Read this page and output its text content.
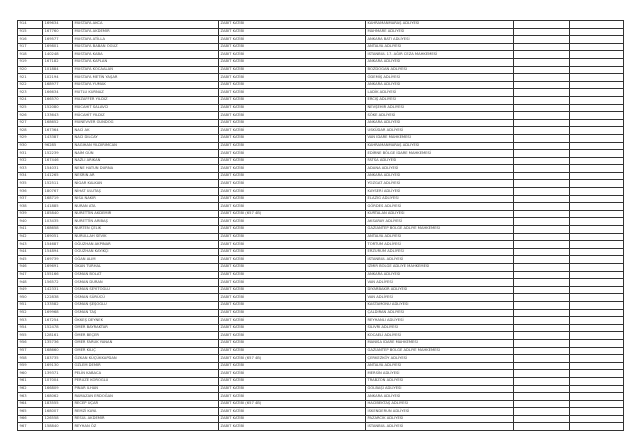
914	169634	MUSTAFA AKCA	ZABIT KATİBİ	KAHRAMANMARAŞ ADLİYESİ		
915	167760	MUSTAFA AKDEMİR	ZABIT KATİBİ	MAHMARE ADLİYESİ		
916	169577	MUSTAFA ATİLLA	ZABIT KATİBİ	ANKARA BATI ADLİYESİ		
917	169801	MUSTAFA BABAN OĞUZ	ZABIT KATİBİ	ANTALYA ADLİYESİ		
918	140248	MUSTAFA KABA	ZABIT KATİBİ	İSTANBUL 17. AĞIR CEZA MAHKEMESİ		
919	167182	MUSTAFA KAPLAN	ZABIT KATİBİ	ANKARA ADLİYESİ		
920	101884	MUSTAFA KOCAALAN	ZABIT KATİBİ	BOZDOĞAN ADLİYESİ		
921	102194	MUSTAFA METİN YAŞAR	ZABIT KATİBİ	ÖDEMİŞ ADLİYESİ		
922	168977	MUSTAFA YUMAK	ZABIT KATİBİ	ANKARA ADLİYESİ		
923	166634	MUTLU KURNAZ	ZABIT KATİBİ	LADİK ADLİYESİ		
924	166570	MUZAFFER YILDIZ	ZABIT KATİBİ	ERCİŞ ADLİYESİ		
925	152080	MÜCAHİT SALAVCI	ZABIT KATİBİ	NEVŞEHİR ADLİYESİ		
926	133643	MÜCAHİT YILDIZ	ZABIT KATİBİ	SÖKE ADLİYESİ		
927	168652	MÜNEVVER GÜNDOĞ	ZABIT KATİBİ	ANKARA ADLİYESİ		
928	167364	NACİ AK	ZABIT KATİBİ	USKÜDAR ADLİYESİ		
929	143387	NACİ DİLCAY	ZABIT KATİBİ	VAN İDARE MAHKEMESİ		
930	96285	NAGİHAN YILDIRIMCAN	ZABIT KATİBİ	KAHRAMANMARAŞ ADLİYESİ		
931	152239	NAİM GÜN	ZABIT KATİBİ	EDİRNE BÖLGE İDARE MAHKEMESİ		
932	167446	NAZLI ARIKAN	ZABIT KATİBİ	FATSA ADLİYESİ		
933	154031	NENE HATUN DURNA	ZABIT KATİBİ	ADANA ADLİYESİ		
934	141265	NESRİN AR	ZABIT KATİBİ	ANKARA ADLİYESİ		
935	152511	NİGAR KALKAN	ZABIT KATİBİ	YOZGAT ADLİYESİ		
936	180767	NİHAT ULUTAŞ	ZABIT KATİBİ	KAYSERİ ADLİYESİ		
937	168719	NİSA NAKİR	ZABIT KATİBİ	ELAZIĞ ADLİYESİ		
938	141885	NURAN ATA	ZABIT KATİBİ	GÖRDES ADLİYESİ		
939	185840	NURETTİN AKDEMİR	ZABIT KATİBİ (657 4B)	KURTALAN ADLİYESİ		
940	103435	NURETTİN ARIBAŞ	ZABIT KATİBİ	AKSARAY ADLİYESİ		
941	168658	NURTEN ÇELİK	ZABIT KATİBİ	GAZİANTEP BÖLGE ADLİYE MAHKEMESİ		
942	169051	NURULLAH SEVİK	ZABIT KATİBİ	ANTALYA ADLİYESİ		
943	154687	OĞUZHAN AKPINAR	ZABIT KATİBİ	TORTUM ADLİYESİ		
944	154894	OĞUZHAN KAYIKÇI	ZABIT KATİBİ	ERZURUM ADLİYESİ		
945	169739	OĞAN ALIM	ZABIT KATİBİ	İSTANBUL ADLİYESİ		
946	169691	OKAN TURHAL	ZABIT KATİBİ	İZMİR BÖLGE ADLİYE MAHKEMESİ		
947	155166	OSMAN BOLAT	ZABIT KATİBİ	ANKARA ADLİYESİ		
948	156572	OSMAN DURAN	ZABIT KATİBİ	VAN ADLİYESİ		
949	142331	OSMAN SEYİTOĞLU	ZABIT KATİBİ	DİYARBAKIR ADLİYESİ		
950	122838	OSMAN SÜRÜCÜ	ZABIT KATİBİ	VAN ADLİYESİ		
951	133582	OSMAN ŞEŞOĞLU	ZABIT KATİBİ	KASTAMONU ADLİYESİ		
952	169968	OSMAN TAŞ	ZABIT KATİBİ	ÇALDIRAN ADLİYESİ		
953	167254	ÖKKEŞ DEYNEK	ZABIT KATİBİ	REYHANLI ADLİYESİ		
954	152478	ÖMER BAYRAKTAR	ZABIT KATİBİ	SİLİVRİ ADLİYESİ		
955	128161	ÖMER BEÇER	ZABIT KATİBİ	KOCAELİ ADLİYESİ		
956	135736	ÖMER FARUK YANAN	ZABIT KATİBİ	MANİSA İDARE MAHKEMESİ		
957	168660	ÖMER KILIÇ	ZABIT KATİBİ	GAZİANTEP BÖLGE ADLİYE MAHKEMESİ		
958	183735	ÖZKAN KÜÇÜKKAPDAN	ZABIT KATİBİ (657 4B)	ÇERKEZKÖY ADLİYESİ		
959	169130	ÖZLEM DEMİR	ZABIT KATİBİ	ANTALYA ADLİYESİ		
960	139371	PELİN KABACA	ZABIT KATİBİ	MERSİN ADLİYESİ		
961	107004	PERUZE KÖROĞLU	ZABIT KATİBİ	TRABZON ADLİYESİ		
962	166809	PINAR İLHAN	ZABIT KATİBİ	GÖLBAŞI ADLİYESİ		
963	168062	RAMAZAN ERDOĞAN	ZABIT KATİBİ	ANKARA ADLİYESİ		
964	183555	RECEP UÇAR	ZABIT KATİBİ (657 4B)	HACIBEKTAŞ ADLİYESİ		
965	168007	REMZİ KAYA	ZABIT KATİBİ	İSKENDERUN ADLİYESİ		
966	126558	RESUL AKDEMİR	ZABIT KATİBİ	PAZARCIK ADLİYESİ		
967	158840	REYHAN ÖZ	ZABIT KATİBİ	İSTANBUL ADLİYESİ		
